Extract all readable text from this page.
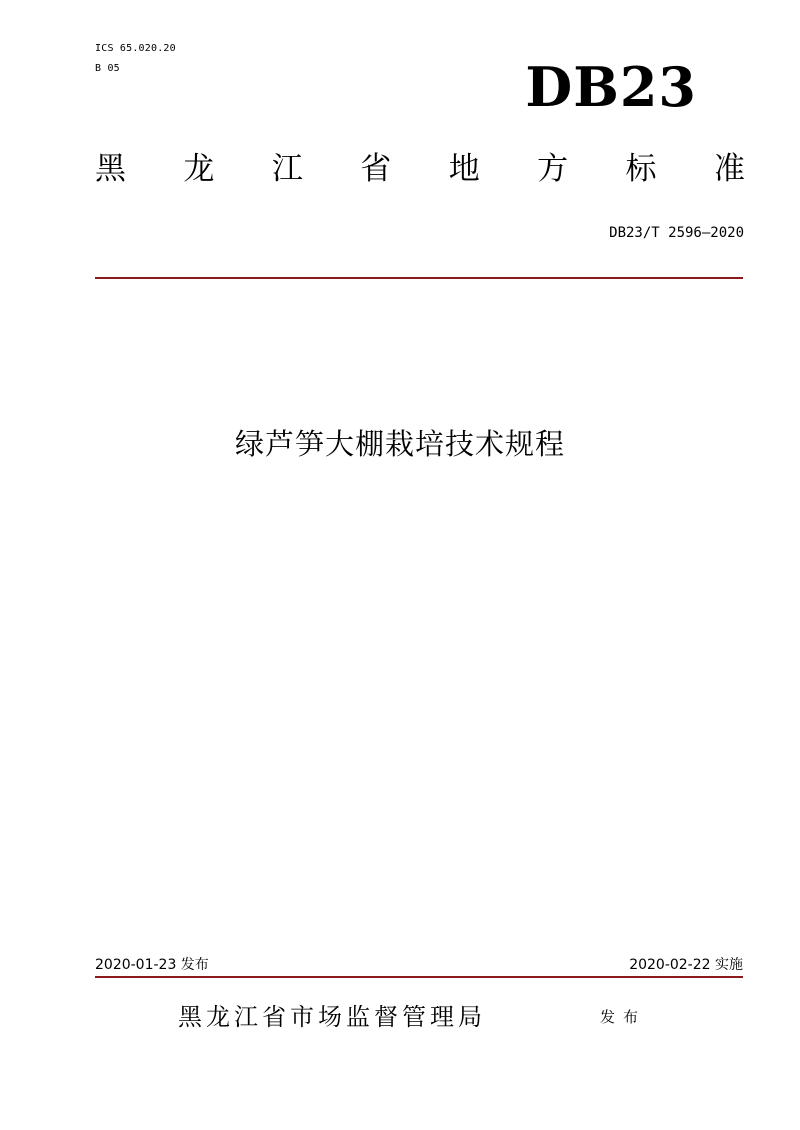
ICS 65.020.20
B 05	DB23
黑 龙 江 省 地 方 标 准
DB23/T 2596—2020
绿芦笋大棚栽培技术规程
2020-01-23 发布	2020-02-22 实施
黑龙江省市场监督管理局	发布
